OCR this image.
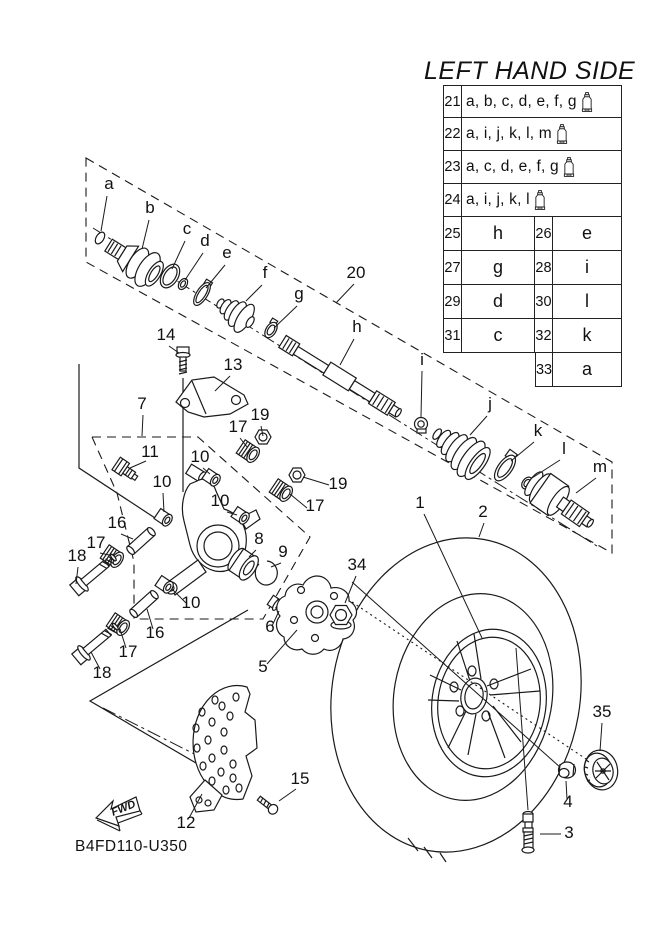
FWD
B4FD110-U350
a
b
c
d
e
f
g
h
i
j
k
l
m
20
14
13
7
19
17
11 10
19
17
10
10
16
17
18
8
9
10
16
17
18
6
5
34
1	2
35
4
3
15
12
LEFT HAND SIDE
21 a, b, c, d, e, f, g
22 a, i, j, k, l, m
23 a, c, d, e, f, g
24 a, i, j, k, l
25	h	26	e
27	g	28	i
29	d	30	l
31	c	32	k
33	a
